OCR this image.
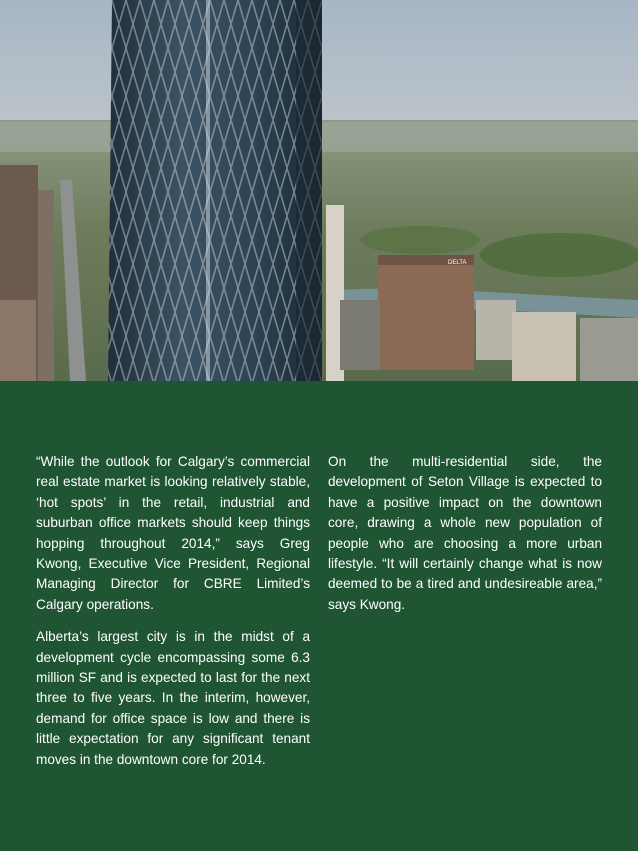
DELTA

“While the outlook for Calgary’s commercial real estate market is looking relatively stable, ‘hot spots’ in the retail, industrial and suburban office markets should keep things hopping throughout 2014,” says Greg Kwong, Executive Vice President, Regional Managing Director for CBRE Limited’s Calgary operations.

Alberta’s largest city is in the midst of a development cycle encompassing some 6.3 million SF and is expected to last for the next three to five years. In the interim, however, demand for office space is low and there is little expectation for any significant tenant moves in the downtown core for 2014.

On the multi-residential side, the development of Seton Village is expected to have a positive impact on the downtown core, drawing a whole new population of people who are choosing a more urban lifestyle. “It will certainly change what is now deemed to be a tired and undesireable area,” says Kwong.
